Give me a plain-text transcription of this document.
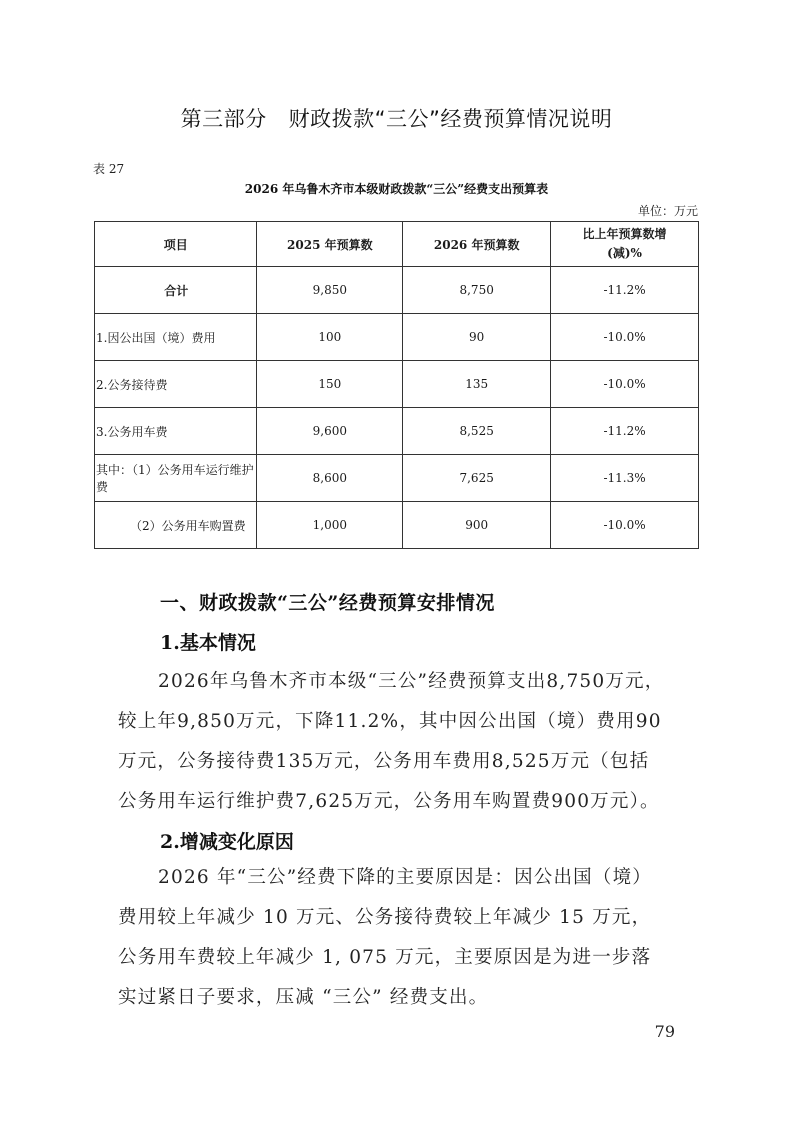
第三部分 财政拨款“三公”经费预算情况说明
表 27
2026 年乌鲁木齐市本级财政拨款“三公”经费支出预算表
单位：万元
项目	2025 年预算数	2026 年预算数	比上年预算数增
(减)%

合计	9,850	8,750	-11.2%
1.因公出国（境）费用	100	90	-10.0%
2.公务接待费	150	135	-10.0%
3.公务用车费	9,600	8,525	-11.2%
其中：（1）公务用车运行维护费	8,600	7,625	-11.3%
（2）公务用车购置费	1,000	900	-10.0%
一、财政拨款“三公”经费预算安排情况
1.基本情况
2026年乌鲁木齐市本级“三公”经费预算支出8,750万元，
较上年9,850万元，下降11.2%，其中因公出国（境）费用90
万元，公务接待费135万元，公务用车费用8,525万元（包括
公务用车运行维护费7,625万元，公务用车购置费900万元）。
2.增减变化原因
2026 年“三公”经费下降的主要原因是：因公出国（境）
费用较上年减少 10 万元、公务接待费较上年减少 15 万元，
公务用车费较上年减少 1, 075 万元，主要原因是为进一步落
实过紧日子要求，压减 “三公” 经费支出。
79
